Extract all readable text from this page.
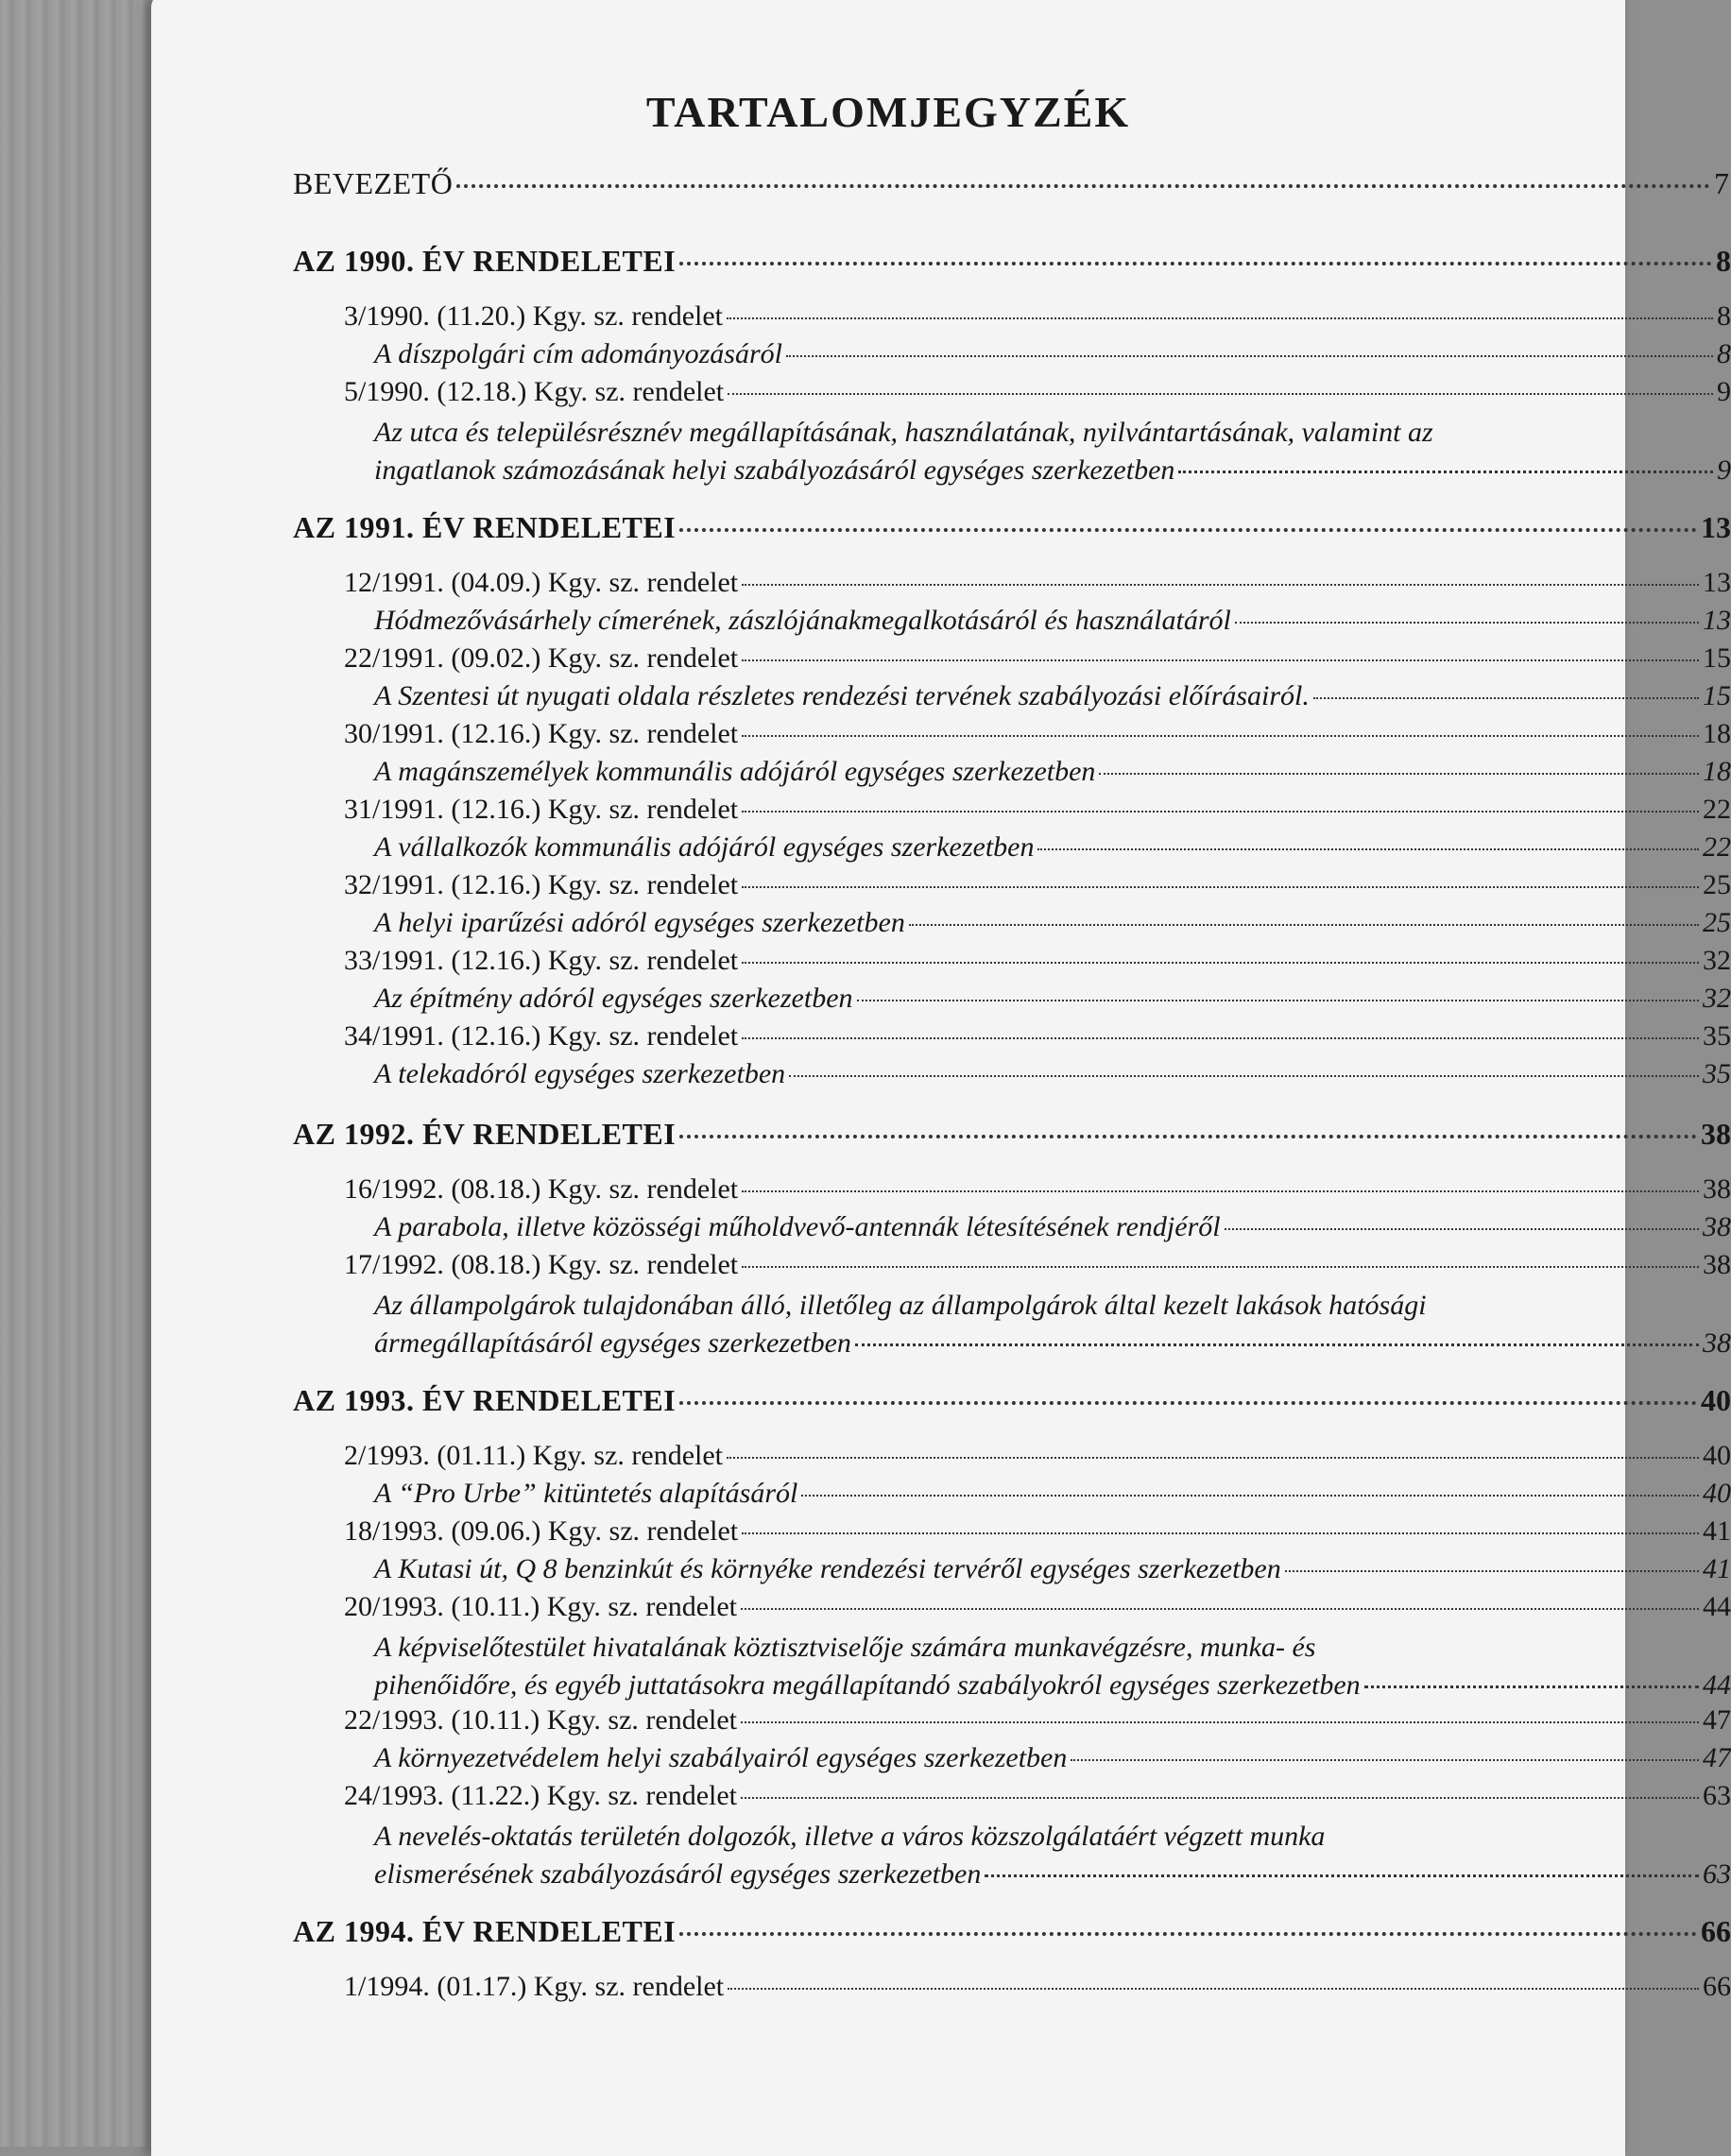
TARTALOMJEGYZÉK
BEVEZETŐ	7
AZ 1990. ÉV RENDELETEI	8
3/1990. (11.20.) Kgy. sz. rendelet	8
A díszpolgári cím adományozásáról	8
5/1990. (12.18.) Kgy. sz. rendelet	9
Az utca és településrésznév megállapításának, használatának, nyilvántartásának, valamint az
ingatlanok számozásának helyi szabályozásáról egységes szerkezetben	9
AZ 1991. ÉV RENDELETEI	13
12/1991. (04.09.) Kgy. sz. rendelet	13
Hódmezővásárhely címerének, zászlójánakmegalkotásáról és használatáról	13
22/1991. (09.02.) Kgy. sz. rendelet	15
A Szentesi út nyugati oldala részletes rendezési tervének szabályozási előírásairól.	15
30/1991. (12.16.) Kgy. sz. rendelet	18
A magánszemélyek kommunális adójáról egységes szerkezetben	18
31/1991. (12.16.) Kgy. sz. rendelet	22
A vállalkozók kommunális adójáról egységes szerkezetben	22
32/1991. (12.16.) Kgy. sz. rendelet	25
A helyi iparűzési adóról egységes szerkezetben	25
33/1991. (12.16.) Kgy. sz. rendelet	32
Az építmény adóról egységes szerkezetben	32
34/1991. (12.16.) Kgy. sz. rendelet	35
A telekadóról egységes szerkezetben	35
AZ 1992. ÉV RENDELETEI	38
16/1992. (08.18.) Kgy. sz. rendelet	38
A parabola, illetve közösségi műholdvevő-antennák létesítésének rendjéről	38
17/1992. (08.18.) Kgy. sz. rendelet	38
Az állampolgárok tulajdonában álló, illetőleg az állampolgárok által kezelt lakások hatósági
ármegállapításáról egységes szerkezetben	38
AZ 1993. ÉV RENDELETEI	40
2/1993. (01.11.) Kgy. sz. rendelet	40
A “Pro Urbe” kitüntetés alapításáról	40
18/1993. (09.06.) Kgy. sz. rendelet	41
A Kutasi út, Q 8 benzinkút és környéke rendezési tervéről egységes szerkezetben	41
20/1993. (10.11.) Kgy. sz. rendelet	44
A képviselőtestület hivatalának köztisztviselője számára munkavégzésre, munka- és
pihenőidőre, és egyéb juttatásokra megállapítandó szabályokról egységes szerkezetben	44
22/1993. (10.11.) Kgy. sz. rendelet	47
A környezetvédelem helyi szabályairól egységes szerkezetben	47
24/1993. (11.22.) Kgy. sz. rendelet	63
A nevelés-oktatás területén dolgozók, illetve a város közszolgálatáért végzett munka
elismerésének szabályozásáról egységes szerkezetben	63
AZ 1994. ÉV RENDELETEI	66
1/1994. (01.17.) Kgy. sz. rendelet	66
